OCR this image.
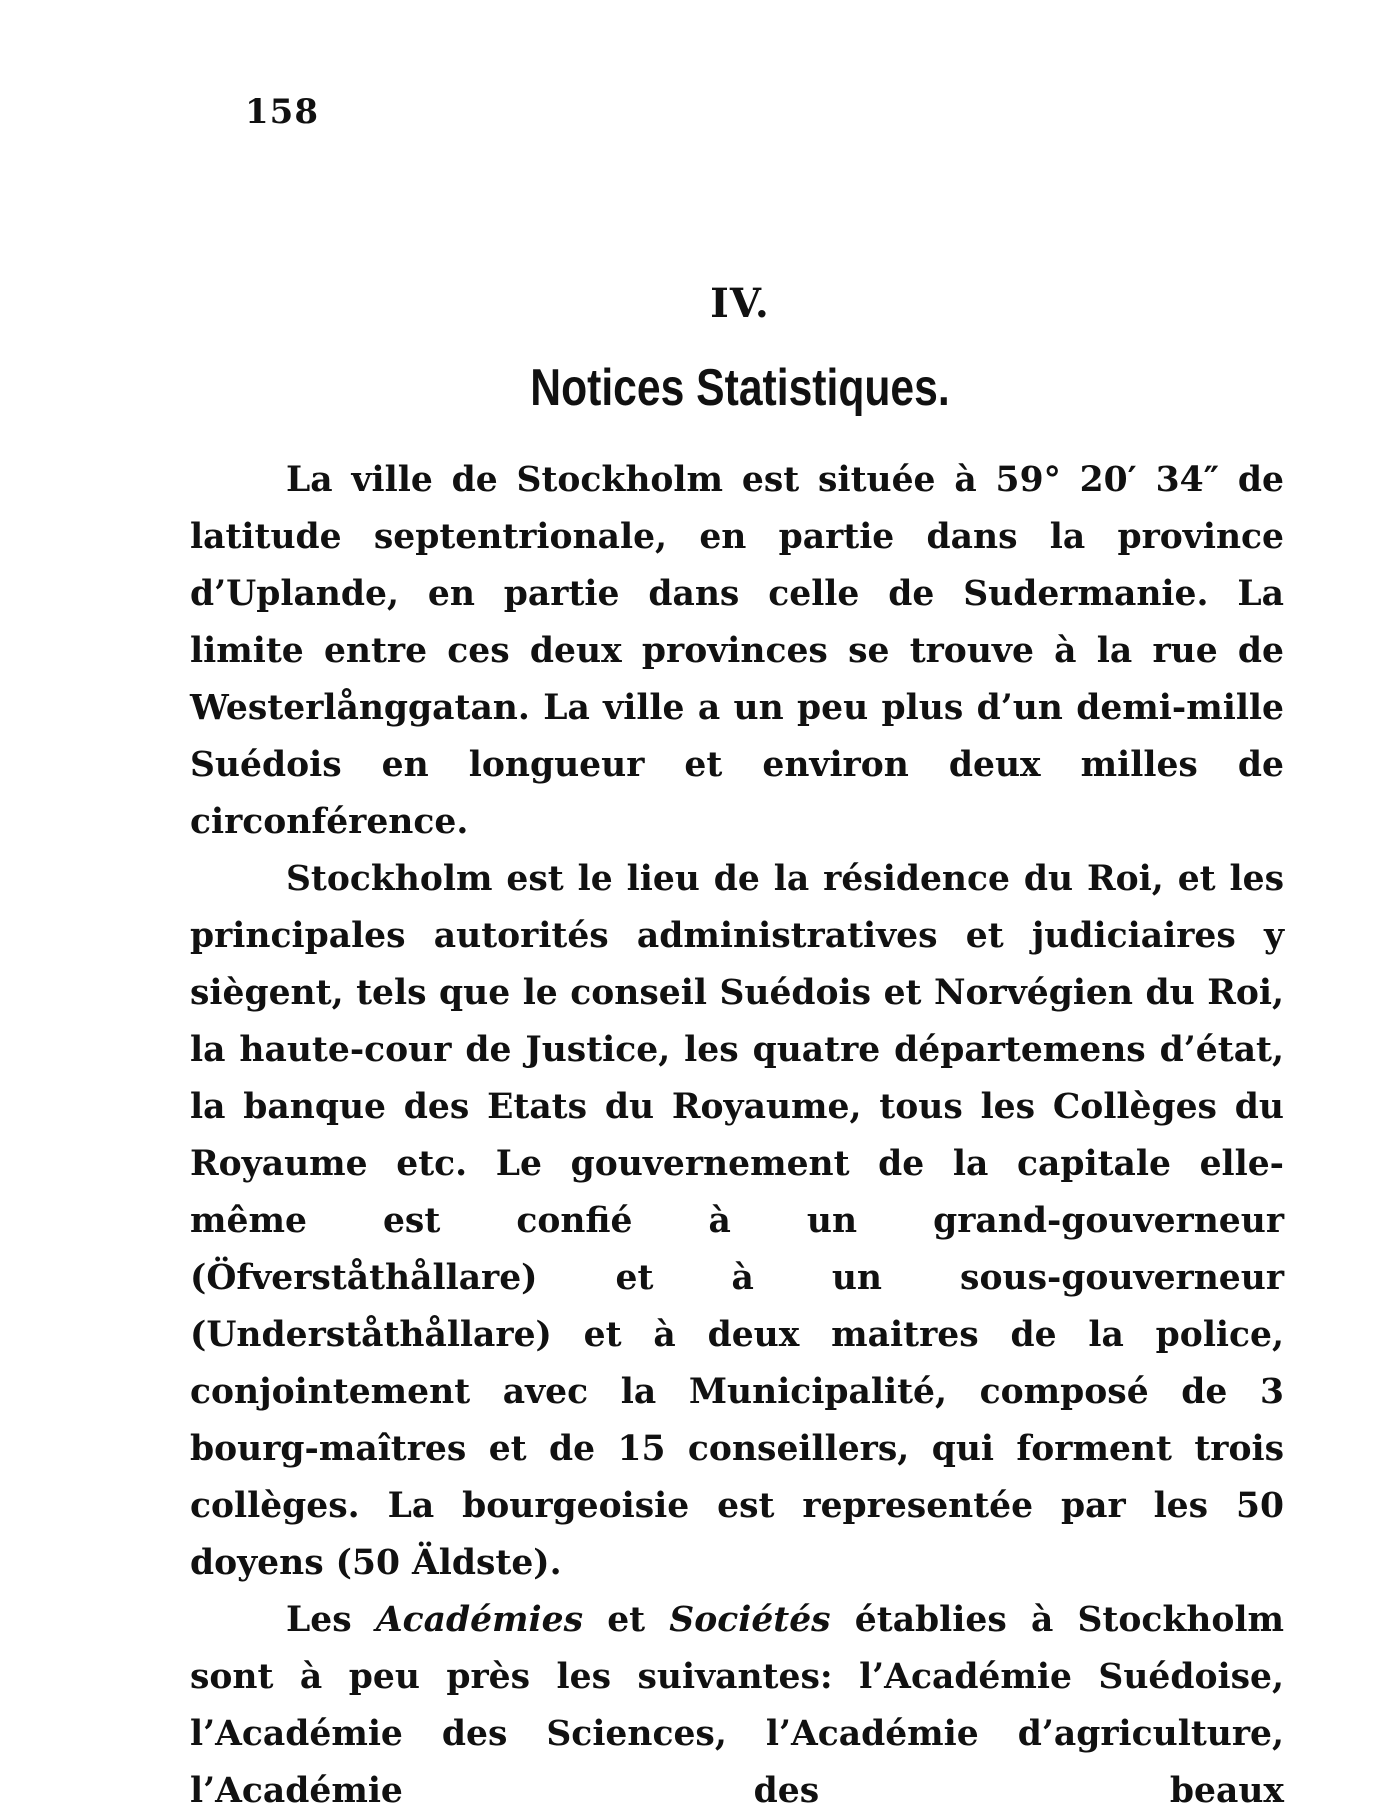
158
IV.
Notices Statistiques.

La ville de Stockholm est située à 59° 20′ 34″ de latitude septentrionale, en partie dans la province d’Uplande, en partie dans celle de Sudermanie. La limite entre ces deux provinces se trouve à la rue de Westerlånggatan. La ville a un peu plus d’un demi-mille Suédois en longueur et environ deux milles de circonférence.

Stockholm est le lieu de la résidence du Roi, et les principales autorités administratives et judiciaires y siègent, tels que le conseil Suédois et Norvégien du Roi, la haute-cour de Justice, les quatre départemens d’état, la banque des Etats du Royaume, tous les Collèges du Royaume etc. Le gouvernement de la capitale elle-même est confié à un grand-gouverneur (Öfverståthållare) et à un sous-gouverneur (Underståthållare) et à deux maitres de la police, conjointement avec la Municipalité, composé de 3 bourg-maîtres et de 15 conseillers, qui forment trois collèges. La bourgeoisie est representée par les 50 doyens (50 Äldste).

Les Académies et Sociétés établies à Stockholm sont à peu près les suivantes: l’Académie Suédoise, l’Académie des Sciences, l’Académie d’agriculture, l’Académie des beaux
